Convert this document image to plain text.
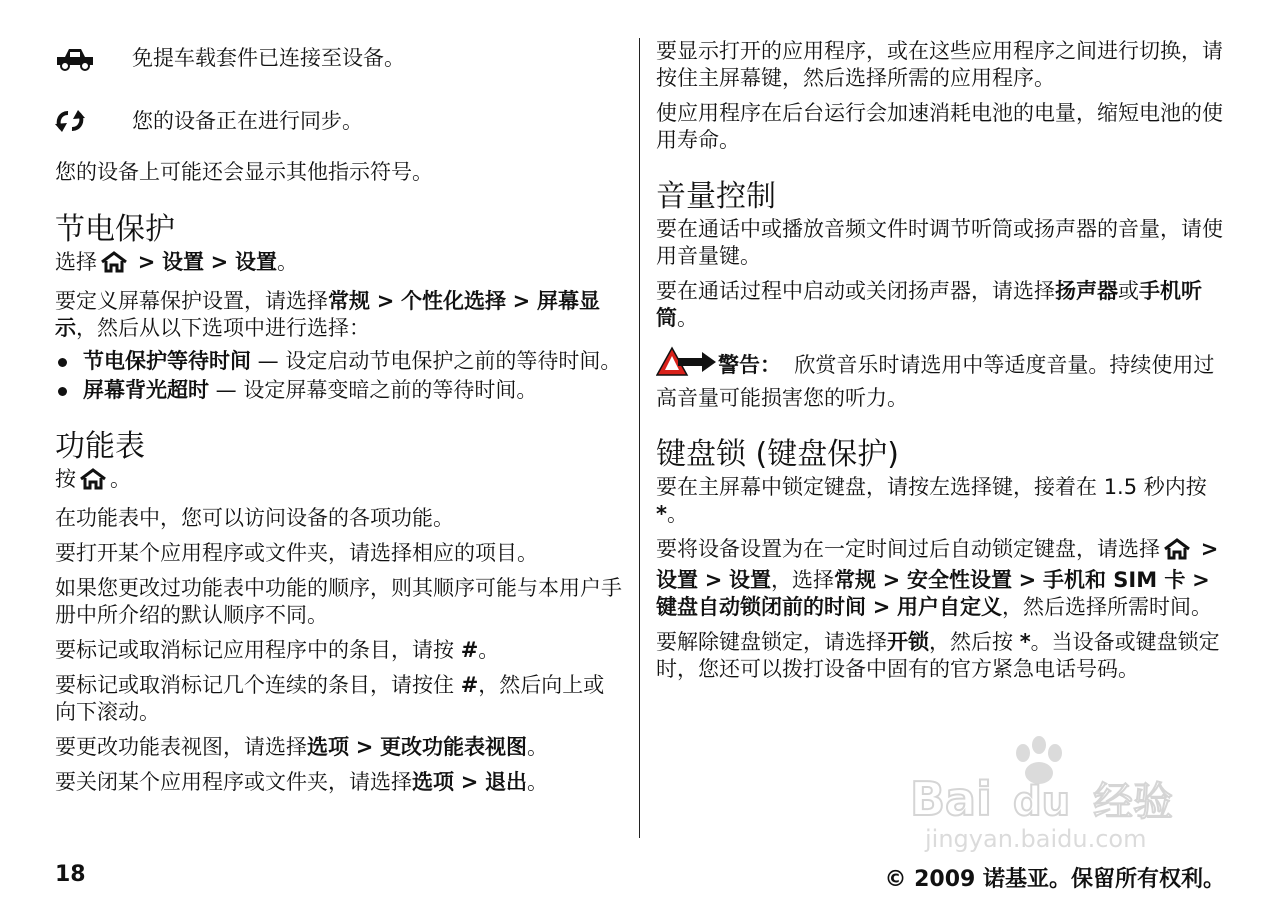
免提车载套件已连接至设备。

您的设备正在进行同步。

您的设备上可能还会显示其他指示符号。

节电保护

选择 > 设置 > 设置。

要定义屏幕保护设置，请选择常规 > 个性化选择 > 屏幕显示，然后从以下选项中进行选择：

节电保护等待时间 — 设定启动节电保护之前的等待时间。
屏幕背光超时 — 设定屏幕变暗之前的等待时间。
功能表

按 。

在功能表中，您可以访问设备的各项功能。

要打开某个应用程序或文件夹，请选择相应的项目。

如果您更改过功能表中功能的顺序，则其顺序可能与本用户手册中所介绍的默认顺序不同。

要标记或取消标记应用程序中的条目，请按 #。

要标记或取消标记几个连续的条目，请按住 #，然后向上或向下滚动。

要更改功能表视图，请选择选项 > 更改功能表视图。

要关闭某个应用程序或文件夹，请选择选项 > 退出。

要显示打开的应用程序，或在这些应用程序之间进行切换，请按住主屏幕键，然后选择所需的应用程序。

使应用程序在后台运行会加速消耗电池的电量，缩短电池的使用寿命。

音量控制

要在通话中或播放音频文件时调节听筒或扬声器的音量，请使用音量键。

要在通话过程中启动或关闭扬声器，请选择扬声器或手机听筒。

警告： 欣赏音乐时请选用中等适度音量。持续使用过高音量可能损害您的听力。

键盘锁 (键盘保护)

要在主屏幕中锁定键盘，请按左选择键，接着在 1.5 秒内按 *。

要将设备设置为在一定时间过后自动锁定键盘，请选择 > 设置 > 设置，选择常规 > 安全性设置 > 手机和 SIM 卡 > 键盘自动锁闭前的时间 > 用户自定义，然后选择所需时间。

要解除键盘锁定，请选择开锁，然后按 *。当设备或键盘锁定时，您还可以拨打设备中固有的官方紧急电话号码。

Bai du 经验
jingyan.baidu.com
18	© 2009 诺基亚。保留所有权利。
